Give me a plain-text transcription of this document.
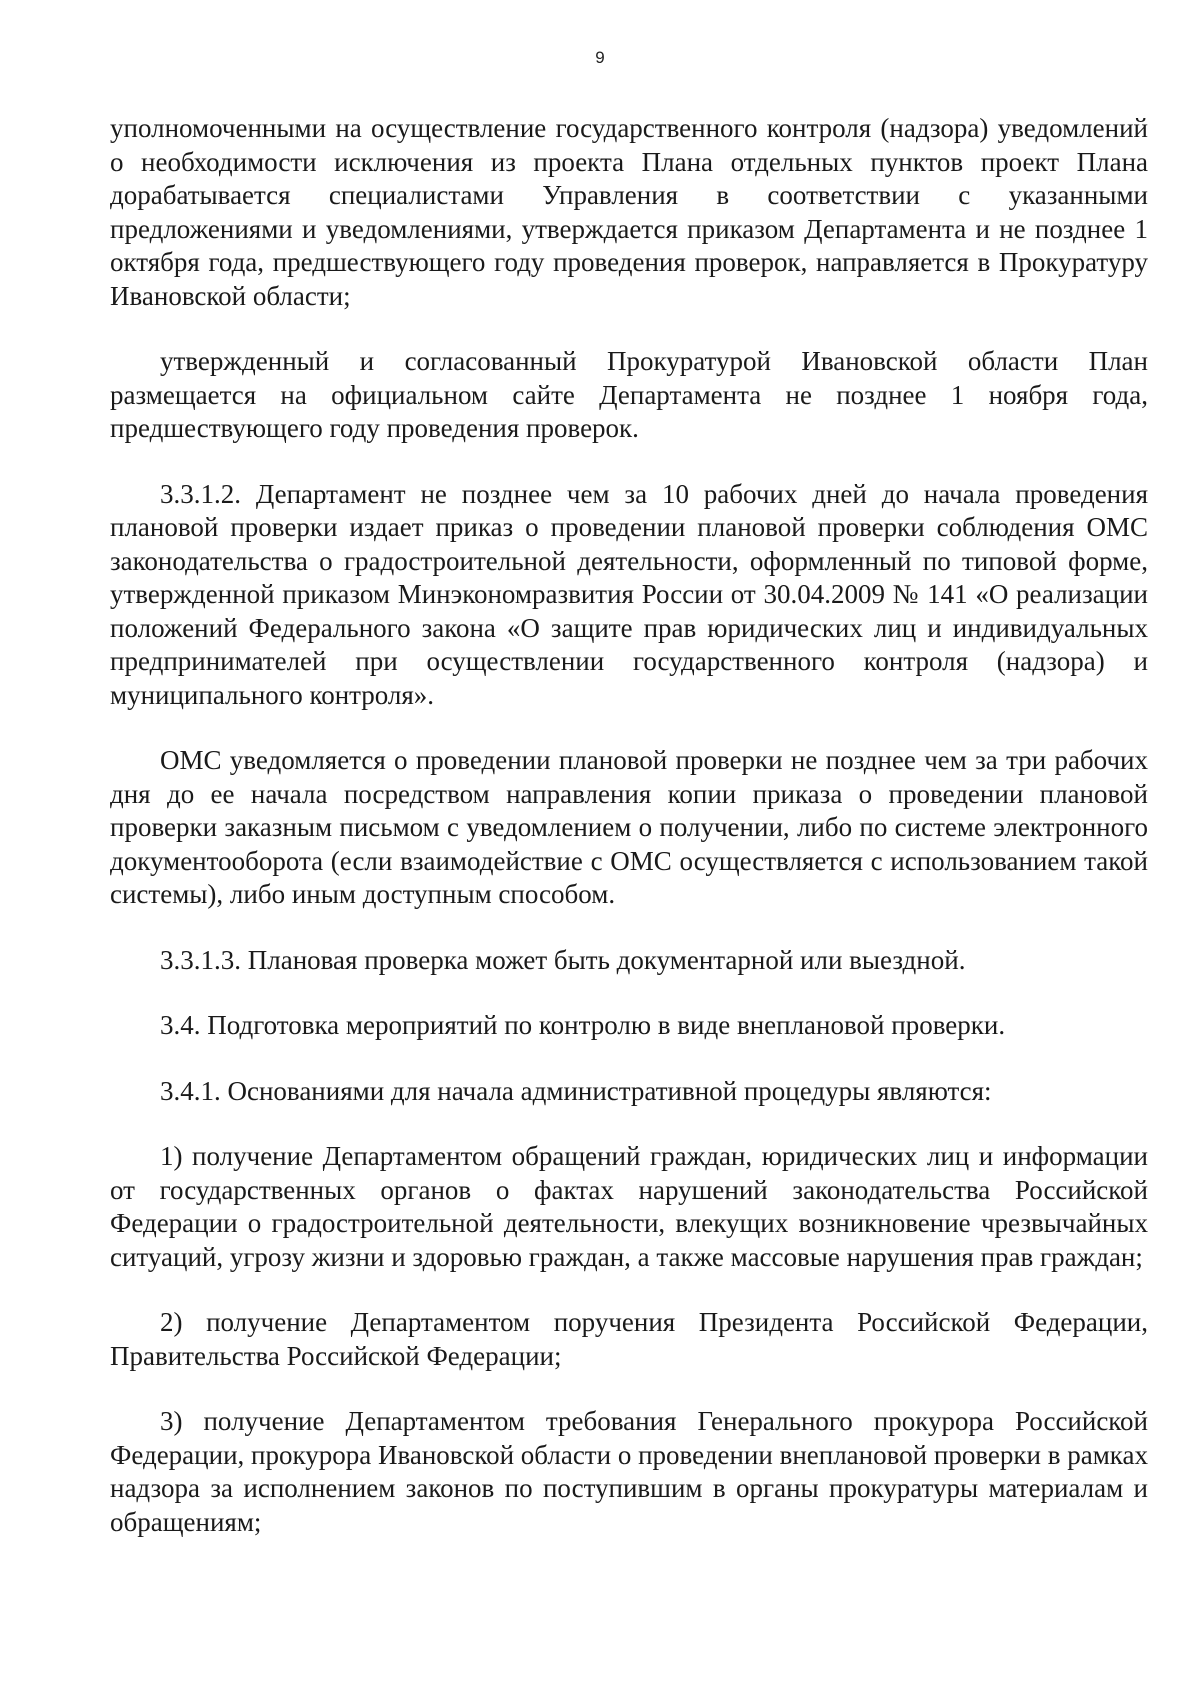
9

уполномоченными на осуществление государственного контроля (надзора) уведомлений о необходимости исключения из проекта Плана отдельных пунктов проект Плана дорабатывается специалистами Управления в соответствии с указанными предложениями и уведомлениями, утверждается приказом Департамента и не позднее 1 октября года, предшествующего году проведения проверок, направляется в Прокуратуру Ивановской области;

утвержденный и согласованный Прокуратурой Ивановской области План размещается на официальном сайте Департамента не позднее 1 ноября года, предшествующего году проведения проверок.

3.3.1.2. Департамент не позднее чем за 10 рабочих дней до начала проведения плановой проверки издает приказ о проведении плановой проверки соблюдения ОМС законодательства о градостроительной деятельности, оформленный по типовой форме, утвержденной приказом Минэкономразвития России от 30.04.2009 № 141 «О реализации положений Федерального закона «О защите прав юридических лиц и индивидуальных предпринимателей при осуществлении государственного контроля (надзора) и муниципального контроля».

ОМС уведомляется о проведении плановой проверки не позднее чем за три рабочих дня до ее начала посредством направления копии приказа о проведении плановой проверки заказным письмом с уведомлением о получении, либо по системе электронного документооборота (если взаимодействие с ОМС осуществляется с использованием такой системы), либо иным доступным способом.

3.3.1.3. Плановая проверка может быть документарной или выездной.

3.4. Подготовка мероприятий по контролю в виде внеплановой проверки.

3.4.1. Основаниями для начала административной процедуры являются:

1) получение Департаментом обращений граждан, юридических лиц и информации от государственных органов о фактах нарушений законодательства Российской Федерации о градостроительной деятельности, влекущих возникновение чрезвычайных ситуаций, угрозу жизни и здоровью граждан, а также массовые нарушения прав граждан;

2) получение Департаментом поручения Президента Российской Федерации, Правительства Российской Федерации;

3) получение Департаментом требования Генерального прокурора Российской Федерации, прокурора Ивановской области о проведении внеплановой проверки в рамках надзора за исполнением законов по поступившим в органы прокуратуры материалам и обращениям;
